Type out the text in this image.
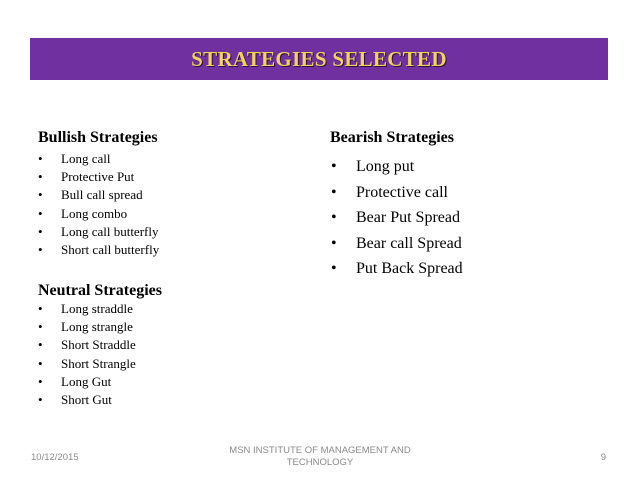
STRATEGIES SELECTED
Bullish Strategies
• Long call
• Protective Put
• Bull call spread
• Long combo
• Long call butterfly
• Short call butterfly
Neutral Strategies
• Long straddle
• Long strangle
• Short Straddle
• Short Strangle
• Long Gut
• Short Gut
Bearish Strategies
• Long put
• Protective call
• Bear Put Spread
• Bear call Spread
• Put Back Spread
10/12/2015
MSN INSTITUTE OF MANAGEMENT AND
TECHNOLOGY	9
